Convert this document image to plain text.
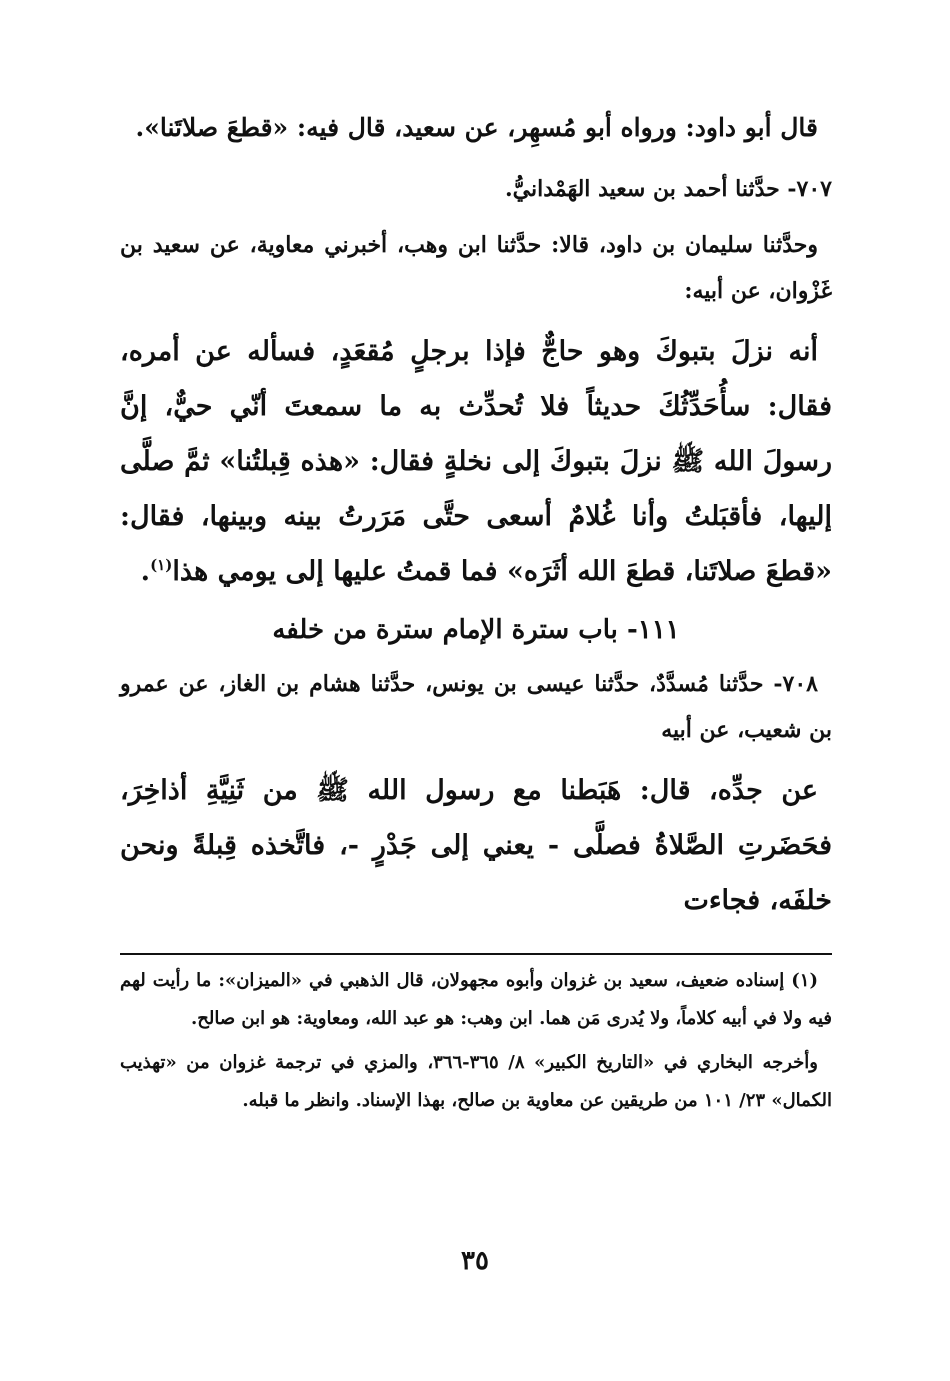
قال أبو داود: ورواه أبو مُسهِر، عن سعيد، قال فيه: «قطعَ صلاتَنا».

٧٠٧- حدَّثنا أحمد بن سعيد الهَمْدانيُّ.

وحدَّثنا سليمان بن داود، قالا: حدَّثنا ابن وهب، أخبرني معاوية، عن سعيد بن غَزْوان، عن أبيه:

أنه نزلَ بتبوكَ وهو حاجٌّ فإذا برجلٍ مُقعَدٍ، فسأله عن أمره، فقال: سأُحَدِّثُكَ حديثاً فلا تُحدِّث به ما سمعتَ أنّي حيٌّ، إنَّ رسولَ الله ﷺ نزلَ بتبوكَ إلى نخلةٍ فقال: «هذه قِبلتُنا» ثمَّ صلَّى إليها، فأقبَلتُ وأنا غُلامٌ أسعى حتَّى مَرَرتُ بينه وبينها، فقال: «قطعَ صلاتَنا، قطعَ الله أثَرَه» فما قمتُ عليها إلى يومي هذا$^{(١)}$.

١١١- باب سترة الإمام سترة من خلفه

٧٠٨- حدَّثنا مُسدَّدٌ، حدَّثنا عيسى بن يونس، حدَّثنا هشام بن الغاز، عن عمرو بن شعيب، عن أبيه

عن جدِّه، قال: هَبَطنا مع رسول الله ﷺ من ثَنِيَّةِ أذاخِرَ، فحَضَرتِ الصَّلاةُ فصلَّى - يعني إلى جَدْرٍ -، فاتَّخذه قِبلةً ونحن خلفَه، فجاءت

(١) إسناده ضعيف، سعيد بن غزوان وأبوه مجهولان، قال الذهبي في «الميزان»: ما رأيت لهم فيه ولا في أبيه كلاماً، ولا يُدرى مَن هما. ابن وهب: هو عبد الله، ومعاوية: هو ابن صالح.

وأخرجه البخاري في «التاريخ الكبير» ٨/ ٣٦٥-٣٦٦، والمزي في ترجمة غزوان من «تهذيب الكمال» ٢٣/ ١٠١ من طريقين عن معاوية بن صالح، بهذا الإسناد. وانظر ما قبله.

٣٥
